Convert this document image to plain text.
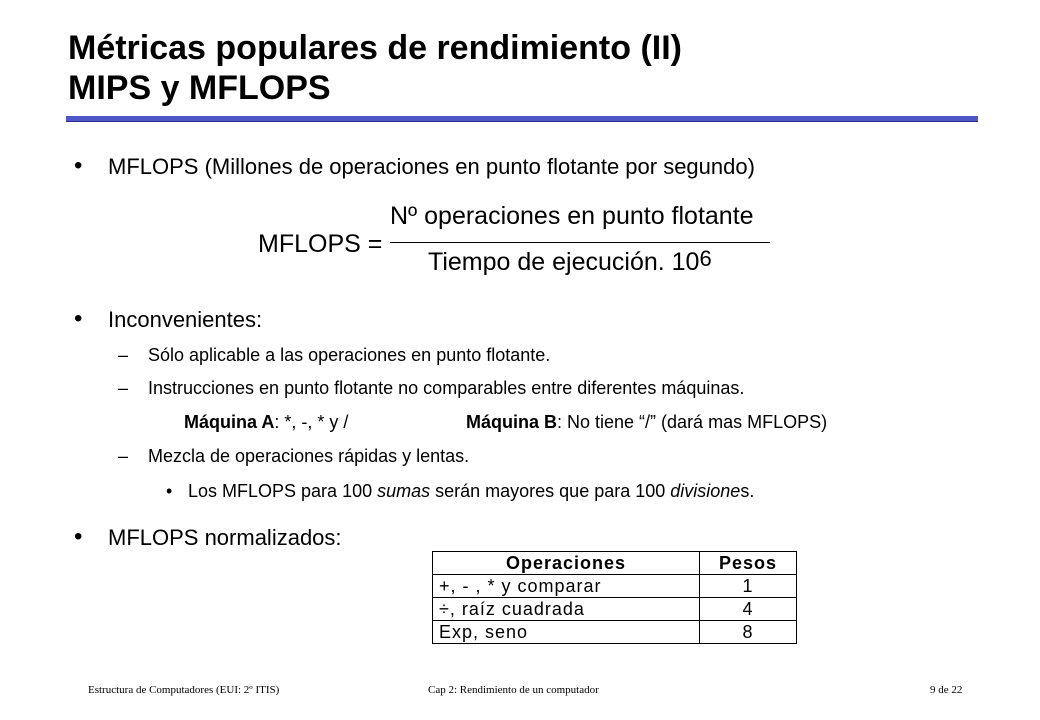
Métricas populares de rendimiento (II)
MIPS y MFLOPS
• MFLOPS (Millones de operaciones en punto flotante por segundo)
MFLOPS =
Nº operaciones en punto flotante
Tiempo de ejecución. $10^6$
• Inconvenientes:
– Sólo aplicable a las operaciones en punto flotante.
– Instrucciones en punto flotante no comparables entre diferentes máquinas.
Máquina A: *, -, * y /	Máquina B: No tiene “/” (dará mas MFLOPS)
– Mezcla de operaciones rápidas y lentas.
• Los MFLOPS para 100 sumas serán mayores que para 100 divisiones.
• MFLOPS normalizados:
Operaciones	Pesos
+, - , * y comparar	1
÷, raíz cuadrada	4
Exp, seno	8
Estructura de Computadores (EUI: 2º ITIS)	Cap 2: Rendimiento de un computador	9 de 22
